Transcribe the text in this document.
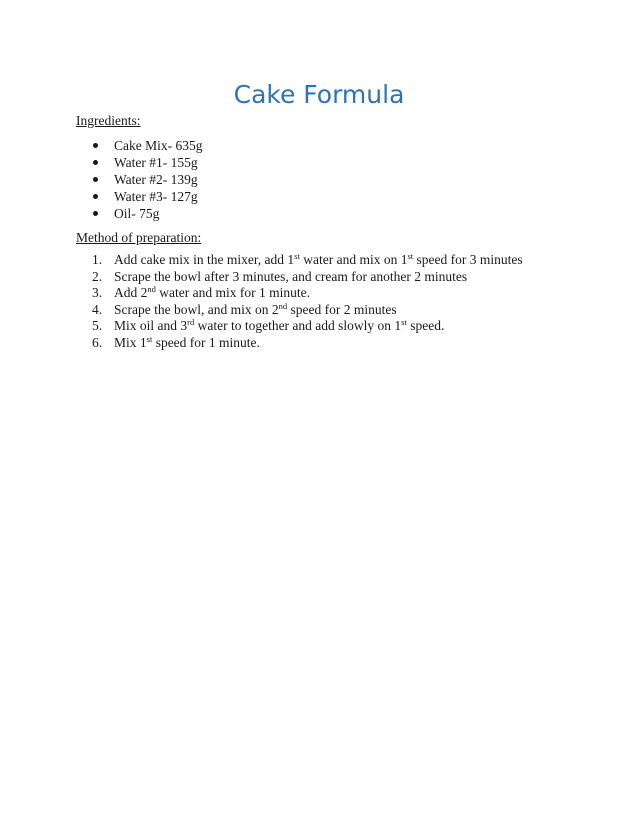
Cake Formula

Ingredients:

Cake Mix- 635g
Water #1- 155g
Water #2- 139g
Water #3- 127g
Oil- 75g

Method of preparation:

1. Add cake mix in the mixer, add 1st water and mix on 1st speed for 3 minutes
2. Scrape the bowl after 3 minutes, and cream for another 2 minutes
3. Add 2nd water and mix for 1 minute.
4. Scrape the bowl, and mix on 2nd speed for 2 minutes
5. Mix oil and 3rd water to together and add slowly on 1st speed.
6. Mix 1st speed for 1 minute.
